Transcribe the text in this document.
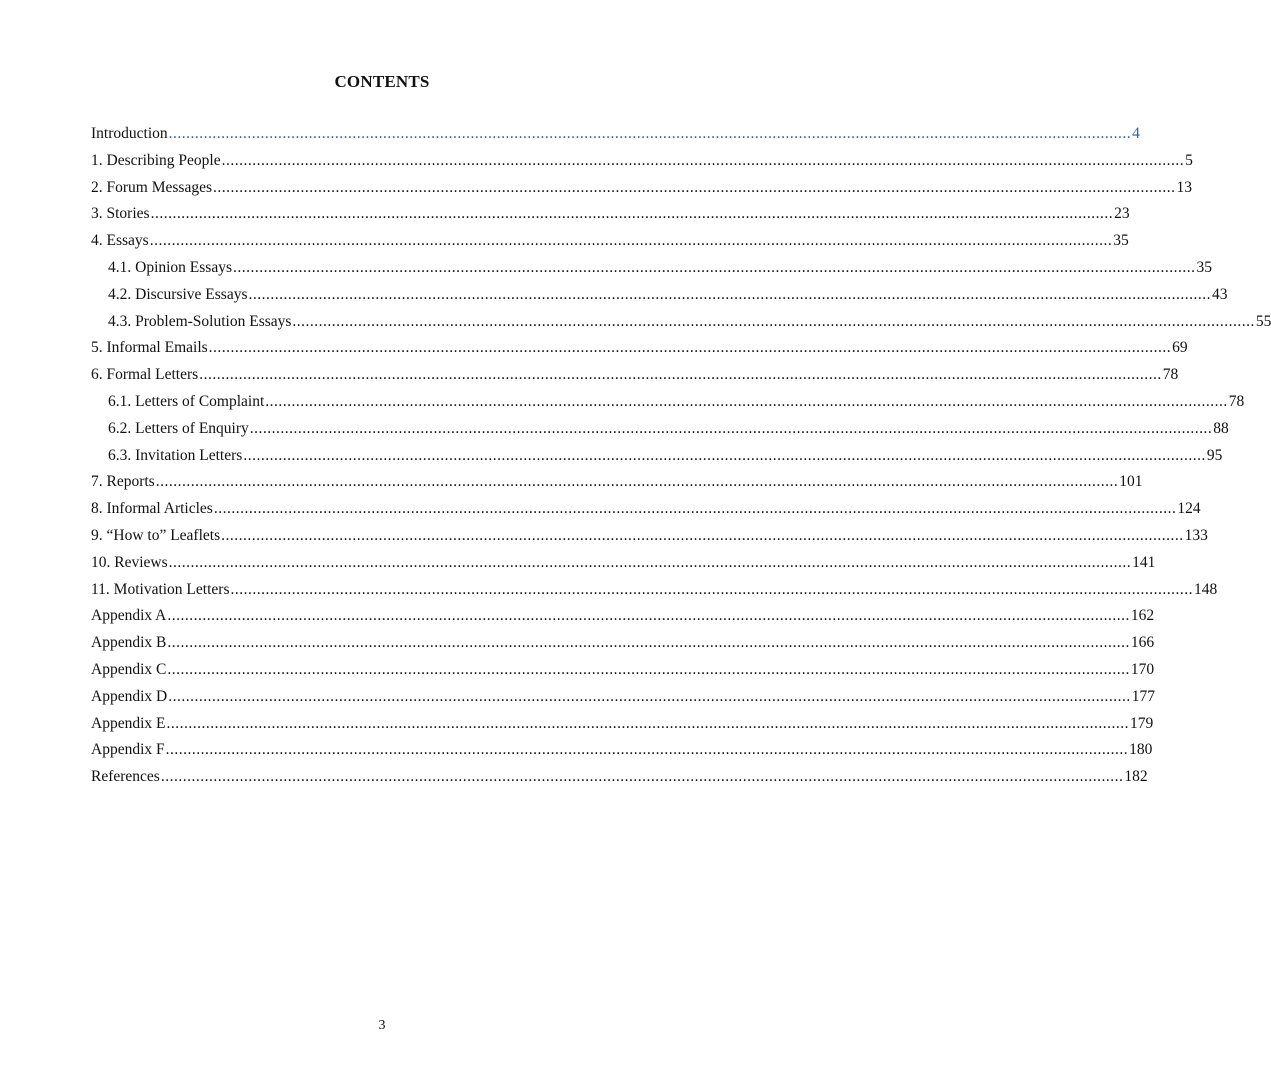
CONTENTS
Introduction ............................................................................................................................................................................................................................ 4
1. Describing People ............................................................................................................................................................................................................................ 5
2. Forum Messages ............................................................................................................................................................................................................................ 13
3. Stories ............................................................................................................................................................................................................................ 23
4. Essays ............................................................................................................................................................................................................................ 35
4.1. Opinion Essays ............................................................................................................................................................................................................................ 35
4.2. Discursive Essays ............................................................................................................................................................................................................................ 43
4.3. Problem-Solution Essays ............................................................................................................................................................................................................................ 55
5. Informal Emails ............................................................................................................................................................................................................................ 69
6. Formal Letters ............................................................................................................................................................................................................................ 78
6.1. Letters of Complaint ............................................................................................................................................................................................................................ 78
6.2. Letters of Enquiry ............................................................................................................................................................................................................................ 88
6.3. Invitation Letters ............................................................................................................................................................................................................................ 95
7. Reports ............................................................................................................................................................................................................................ 101
8. Informal Articles ............................................................................................................................................................................................................................ 124
9. “How to” Leaflets ............................................................................................................................................................................................................................ 133
10. Reviews ............................................................................................................................................................................................................................ 141
11. Motivation Letters ............................................................................................................................................................................................................................ 148
Appendix A ............................................................................................................................................................................................................................ 162
Appendix B ............................................................................................................................................................................................................................ 166
Appendix C ............................................................................................................................................................................................................................ 170
Appendix D ............................................................................................................................................................................................................................ 177
Appendix E ............................................................................................................................................................................................................................ 179
Appendix F ............................................................................................................................................................................................................................ 180
References ............................................................................................................................................................................................................................ 182
3
